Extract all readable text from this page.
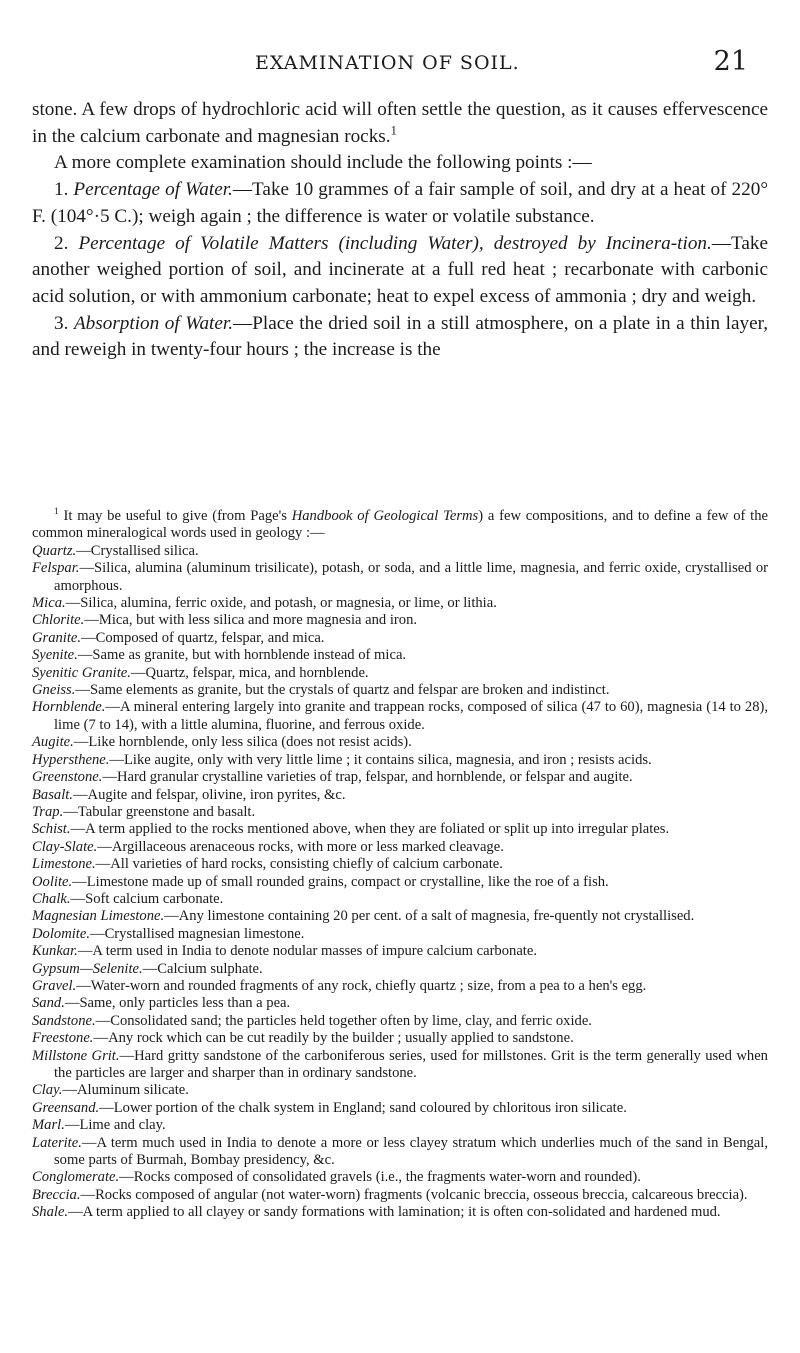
EXAMINATION OF SOIL.	21

stone. A few drops of hydrochloric acid will often settle the question, as it causes effervescence in the calcium carbonate and magnesian rocks.$^1$

A more complete examination should include the following points :—

1. Percentage of Water.—Take 10 grammes of a fair sample of soil, and dry at a heat of 220° F. (104°·5 C.); weigh again ; the difference is water or volatile substance.

2. Percentage of Volatile Matters (including Water), destroyed by Incinera-tion.—Take another weighed portion of soil, and incinerate at a full red heat ; recarbonate with carbonic acid solution, or with ammonium carbonate; heat to expel excess of ammonia ; dry and weigh.

3. Absorption of Water.—Place the dried soil in a still atmosphere, on a plate in a thin layer, and reweigh in twenty-four hours ; the increase is the

$^1$ It may be useful to give (from Page's Handbook of Geological Terms) a few compositions, and to define a few of the common mineralogical words used in geology :—

Quartz.—Crystallised silica.

Felspar.—Silica, alumina (aluminum trisilicate), potash, or soda, and a little lime, magnesia, and ferric oxide, crystallised or amorphous.

Mica.—Silica, alumina, ferric oxide, and potash, or magnesia, or lime, or lithia.

Chlorite.—Mica, but with less silica and more magnesia and iron.

Granite.—Composed of quartz, felspar, and mica.

Syenite.—Same as granite, but with hornblende instead of mica.

Syenitic Granite.—Quartz, felspar, mica, and hornblende.

Gneiss.—Same elements as granite, but the crystals of quartz and felspar are broken and indistinct.

Hornblende.—A mineral entering largely into granite and trappean rocks, composed of silica (47 to 60), magnesia (14 to 28), lime (7 to 14), with a little alumina, fluorine, and ferrous oxide.

Augite.—Like hornblende, only less silica (does not resist acids).

Hypersthene.—Like augite, only with very little lime ; it contains silica, magnesia, and iron ; resists acids.

Greenstone.—Hard granular crystalline varieties of trap, felspar, and hornblende, or felspar and augite.

Basalt.—Augite and felspar, olivine, iron pyrites, &c.

Trap.—Tabular greenstone and basalt.

Schist.—A term applied to the rocks mentioned above, when they are foliated or split up into irregular plates.

Clay-Slate.—Argillaceous arenaceous rocks, with more or less marked cleavage.

Limestone.—All varieties of hard rocks, consisting chiefly of calcium carbonate.

Oolite.—Limestone made up of small rounded grains, compact or crystalline, like the roe of a fish.

Chalk.—Soft calcium carbonate.

Magnesian Limestone.—Any limestone containing 20 per cent. of a salt of magnesia, fre-quently not crystallised.

Dolomite.—Crystallised magnesian limestone.

Kunkar.—A term used in India to denote nodular masses of impure calcium carbonate.

Gypsum—Selenite.—Calcium sulphate.

Gravel.—Water-worn and rounded fragments of any rock, chiefly quartz ; size, from a pea to a hen's egg.

Sand.—Same, only particles less than a pea.

Sandstone.—Consolidated sand; the particles held together often by lime, clay, and ferric oxide.

Freestone.—Any rock which can be cut readily by the builder ; usually applied to sandstone.

Millstone Grit.—Hard gritty sandstone of the carboniferous series, used for millstones. Grit is the term generally used when the particles are larger and sharper than in ordinary sandstone.

Clay.—Aluminum silicate.

Greensand.—Lower portion of the chalk system in England; sand coloured by chloritous iron silicate.

Marl.—Lime and clay.

Laterite.—A term much used in India to denote a more or less clayey stratum which underlies much of the sand in Bengal, some parts of Burmah, Bombay presidency, &c.

Conglomerate.—Rocks composed of consolidated gravels (i.e., the fragments water-worn and rounded).

Breccia.—Rocks composed of angular (not water-worn) fragments (volcanic breccia, osseous breccia, calcareous breccia).

Shale.—A term applied to all clayey or sandy formations with lamination; it is often con-solidated and hardened mud.
